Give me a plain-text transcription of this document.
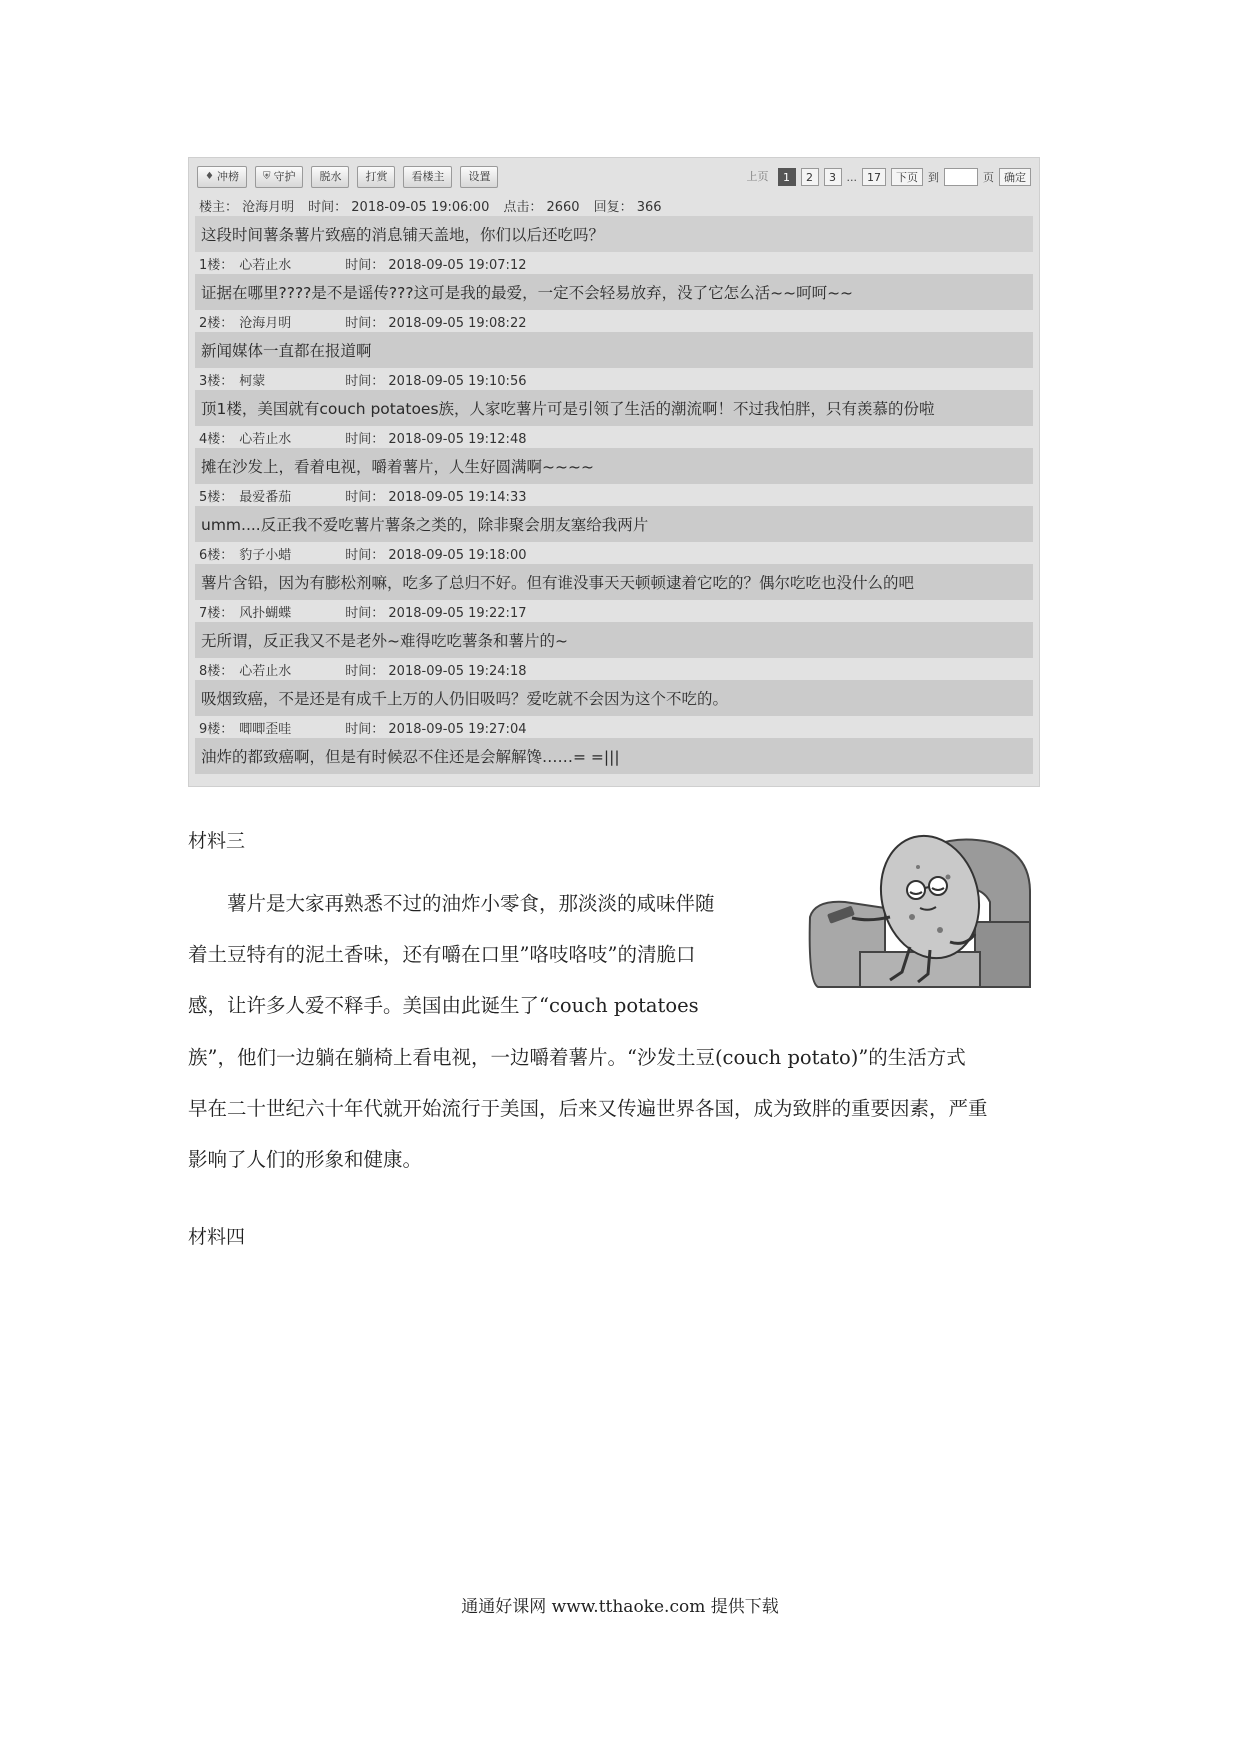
♦ 冲榜 ⛨ 守护	脱水	打赏	看楼主	设置	上页	1	2	3 ... 17	下页 到	页 确定
楼主： 沧海月明 时间： 2018-09-05 19:06:00 点击： 2660 回复： 366
这段时间薯条薯片致癌的消息铺天盖地，你们以后还吃吗？
1楼： 心若止水	时间： 2018-09-05 19:07:12
证据在哪里????是不是谣传???这可是我的最爱，一定不会轻易放弃，没了它怎么活~~呵呵~~
2楼： 沧海月明	时间： 2018-09-05 19:08:22
新闻媒体一直都在报道啊
3楼： 柯蒙	时间： 2018-09-05 19:10:56
顶1楼，美国就有couch potatoes族，人家吃薯片可是引领了生活的潮流啊！不过我怕胖，只有羡慕的份啦
4楼： 心若止水	时间： 2018-09-05 19:12:48
摊在沙发上，看着电视，嚼着薯片，人生好圆满啊~~~~
5楼： 最爱番茄	时间： 2018-09-05 19:14:33
umm....反正我不爱吃薯片薯条之类的，除非聚会朋友塞给我两片
6楼： 豹子小蜡	时间： 2018-09-05 19:18:00
薯片含铅，因为有膨松剂嘛，吃多了总归不好。但有谁没事天天顿顿逮着它吃的？偶尔吃吃也没什么的吧
7楼： 风扑蝴蝶	时间： 2018-09-05 19:22:17
无所谓，反正我又不是老外~难得吃吃薯条和薯片的~
8楼： 心若止水	时间： 2018-09-05 19:24:18
吸烟致癌，不是还是有成千上万的人仍旧吸吗？爱吃就不会因为这个不吃的。
9楼： 唧唧歪哇	时间： 2018-09-05 19:27:04
油炸的都致癌啊，但是有时候忍不住还是会解解馋……= =|||
材料三
薯片是大家再熟悉不过的油炸小零食，那淡淡的咸味伴随
着土豆特有的泥土香味，还有嚼在口里”咯吱咯吱”的清脆口
感，让许多人爱不释手。美国由此诞生了“couch potatoes
族”，他们一边躺在躺椅上看电视，一边嚼着薯片。“沙发土豆(couch potato)”的生活方式
早在二十世纪六十年代就开始流行于美国，后来又传遍世界各国，成为致胖的重要因素，严重
影响了人们的形象和健康。
材料四
通通好课网 www.tthaoke.com 提供下载
